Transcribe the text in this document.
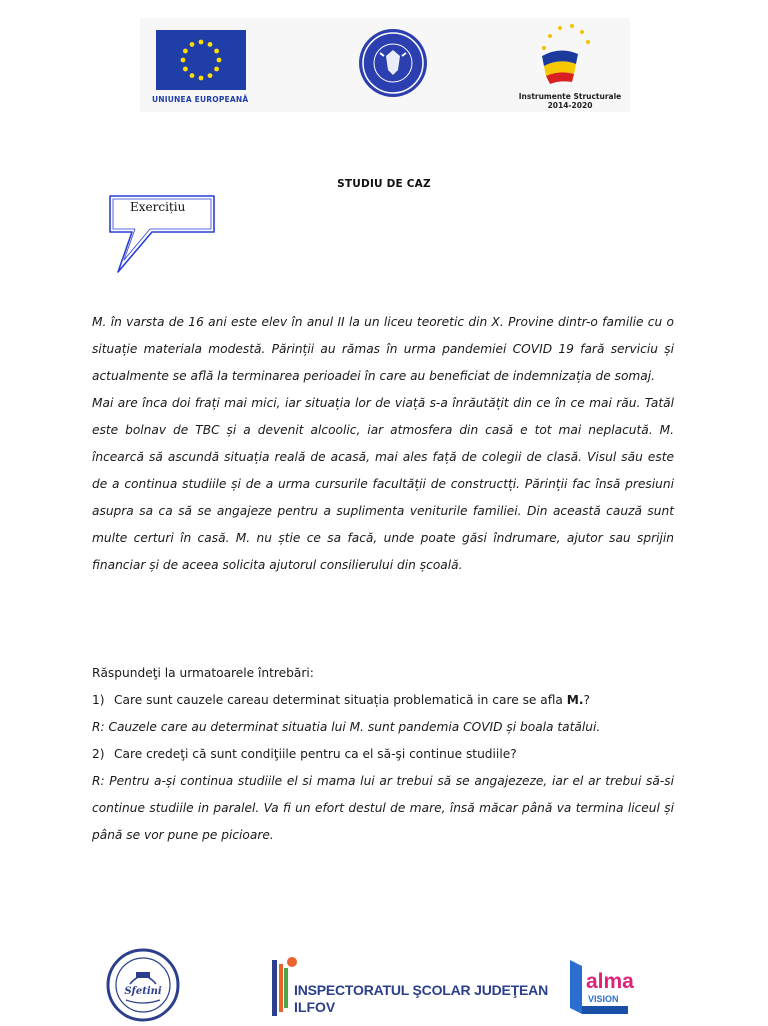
UNIUNEA EUROPEANĂ	Instrumente Structurale
2014-2020
STUDIU DE CAZ
Exercițiu

M. în varsta de 16 ani este elev în anul II la un liceu teoretic din X. Provine dintr-o familie cu o situație materiala modestă. Părinții au rămas în urma pandemiei COVID 19 fară serviciu și actualmente se află la terminarea perioadei în care au beneficiat de indemnizația de somaj.

Mai are înca doi frați mai mici, iar situația lor de viață s-a înrăutățit din ce în ce mai rău. Tatăl este bolnav de TBC și a devenit alcoolic, iar atmosfera din casă e tot mai neplacută. M. încearcă să ascundă situația reală de acasă, mai ales față de colegii de clasă. Visul său este de a continua studiile și de a urma cursurile facultății de constructți. Părinții fac însă presiuni asupra sa ca să se angajeze pentru a suplimenta veniturile familiei. Din această cauză sunt multe certuri în casă. M. nu știe ce sa facă, unde poate găsi îndrumare, ajutor sau sprijin financiar și de aceea solicita ajutorul consilierului din școală.

Răspundeţi la urmatoarele întrebări:

1) Care sunt cauzele careau determinat situația problematică in care se afla M.?

R: Cauzele care au determinat situatia lui M. sunt pandemia COVID și boala tatălui.

2) Care credeţi că sunt condiţiile pentru ca el să-şi continue studiile?

R: Pentru a-și continua studiile el si mama lui ar trebui să se angajezeze, iar el ar trebui să-si continue studiile in paralel. Va fi un efort destul de mare, însă măcar până va termina liceul și până se vor pune pe picioare.

Sfetini	INSPECTORATUL ŞCOLAR JUDEŢEAN
ILFOV
alma
VISION
